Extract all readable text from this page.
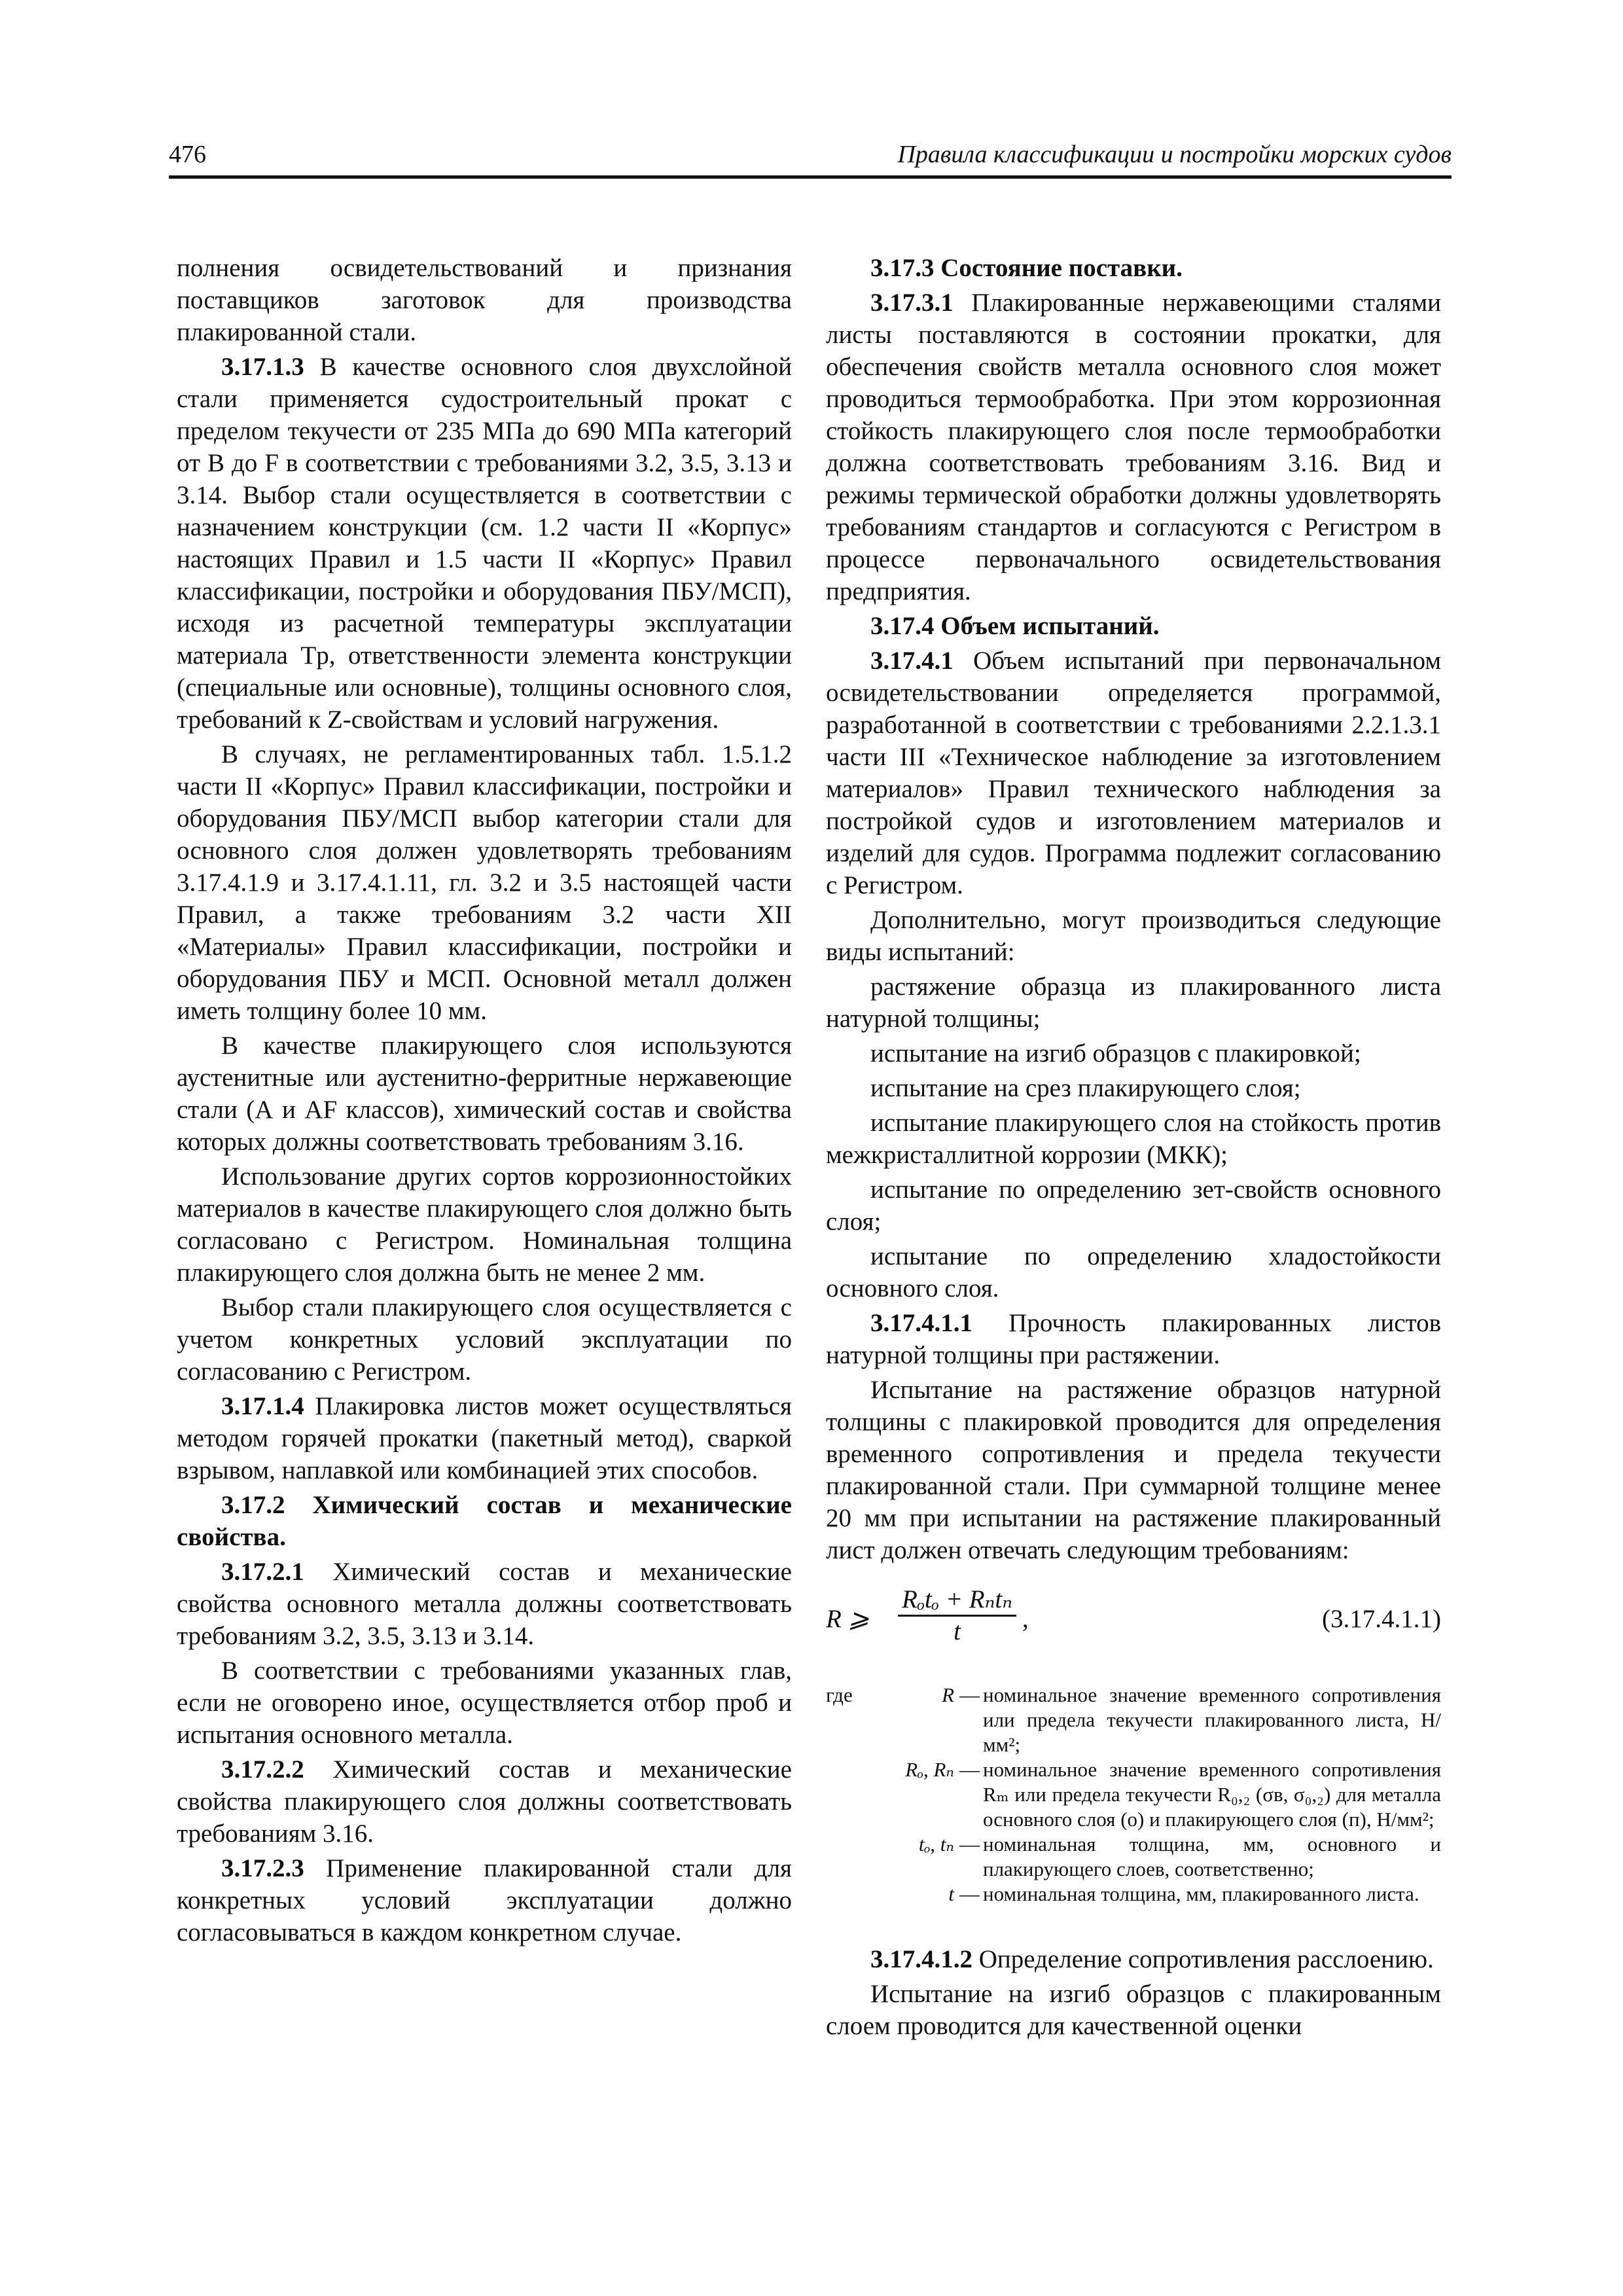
476	Правила классификации и постройки морских судов

полнения освидетельствований и признания поставщиков заготовок для производства плакированной стали.

3.17.1.3 В качестве основного слоя двухслойной стали применяется судостроительный прокат с пределом текучести от 235 МПа до 690 МПа категорий от В до F в соответствии с требованиями 3.2, 3.5, 3.13 и 3.14. Выбор стали осуществляется в соответствии с назначением конструкции (см. 1.2 части II «Корпус» настоящих Правил и 1.5 части II «Корпус» Правил классификации, постройки и оборудования ПБУ/МСП), исходя из расчетной температуры эксплуатации материала Tp, ответственности элемента конструкции (специальные или основные), толщины основного слоя, требований к Z-свойствам и условий нагружения.

В случаях, не регламентированных табл. 1.5.1.2 части II «Корпус» Правил классификации, постройки и оборудования ПБУ/МСП выбор категории стали для основного слоя должен удовлетворять требованиям 3.17.4.1.9 и 3.17.4.1.11, гл. 3.2 и 3.5 настоящей части Правил, а также требованиям 3.2 части XII «Материалы» Правил классификации, постройки и оборудования ПБУ и МСП. Основной металл должен иметь толщину более 10 мм.

В качестве плакирующего слоя используются аустенитные или аустенитно-ферритные нержавеющие стали (А и AF классов), химический состав и свойства которых должны соответствовать требованиям 3.16.

Использование других сортов коррозионностойких материалов в качестве плакирующего слоя должно быть согласовано с Регистром. Номинальная толщина плакирующего слоя должна быть не менее 2 мм.

Выбор стали плакирующего слоя осуществляется с учетом конкретных условий эксплуатации по согласованию с Регистром.

3.17.1.4 Плакировка листов может осуществляться методом горячей прокатки (пакетный метод), сваркой взрывом, наплавкой или комбинацией этих способов.

3.17.2 Химический состав и механические свойства.

3.17.2.1 Химический состав и механические свойства основного металла должны соответствовать требованиям 3.2, 3.5, 3.13 и 3.14.

В соответствии с требованиями указанных глав, если не оговорено иное, осуществляется отбор проб и испытания основного металла.

3.17.2.2 Химический состав и механические свойства плакирующего слоя должны соответствовать требованиям 3.16.

3.17.2.3 Применение плакированной стали для конкретных условий эксплуатации должно согласовываться в каждом конкретном случае.

3.17.3 Состояние поставки.

3.17.3.1 Плакированные нержавеющими сталями листы поставляются в состоянии прокатки, для обеспечения свойств металла основного слоя может проводиться термообработка. При этом коррозионная стойкость плакирующего слоя после термообработки должна соответствовать требованиям 3.16. Вид и режимы термической обработки должны удовлетворять требованиям стандартов и согласуются с Регистром в процессе первоначального освидетельствования предприятия.

3.17.4 Объем испытаний.

3.17.4.1 Объем испытаний при первоначальном освидетельствовании определяется программой, разработанной в соответствии с требованиями 2.2.1.3.1 части III «Техническое наблюдение за изготовлением материалов» Правил технического наблюдения за постройкой судов и изготовлением материалов и изделий для судов. Программа подлежит согласованию с Регистром.

Дополнительно, могут производиться следующие виды испытаний:

растяжение образца из плакированного листа натурной толщины;

испытание на изгиб образцов с плакировкой;

испытание на срез плакирующего слоя;

испытание плакирующего слоя на стойкость против межкристаллитной коррозии (МКК);

испытание по определению зет-свойств основного слоя;

испытание по определению хладостойкости основного слоя.

3.17.4.1.1 Прочность плакированных листов натурной толщины при растяжении.

Испытание на растяжение образцов натурной толщины с плакировкой проводится для определения временного сопротивления и предела текучести плакированной стали. При суммарной толщине менее 20 мм при испытании на растяжение плакированный лист должен отвечать следующим требованиям:

R ⩾
Rₒtₒ + Rₙtₙ
t	,	(3.17.4.1.1)
где	R	—	номинальное значение временного сопротивления или предела текучести плакированного листа, Н/мм²;
	Rₒ, Rₙ	—	номинальное значение временного сопротивления Rₘ или предела текучести R₀,₂ (σв, σ₀,₂) для металла основного слоя (о) и плакирующего слоя (п), Н/мм²;
	tₒ, tₙ	—	номинальная толщина, мм, основного и плакирующего слоев, соответственно;
	t	—	номинальная толщина, мм, плакированного листа.

3.17.4.1.2 Определение сопротивления расслоению.

Испытание на изгиб образцов с плакированным слоем проводится для качественной оценки
